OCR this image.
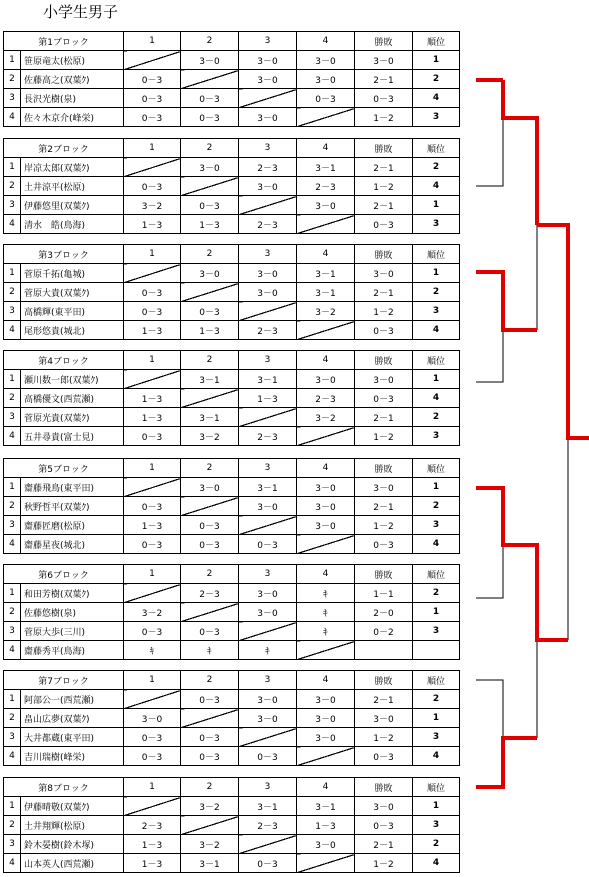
小学生男子
第1ブロック		1	2	3	4	勝敗	順位
1	笹原竜太(松原)		3－0	3－0	3－0	3－0	1
2	佐藤高之(双葉ｸ)	0－3		3－0	3－0	2－1	2
3	長沢光樹(泉)	0－3	0－3		0－3	0－3	4
4	佐々木京介(峰栄)	0－3	0－3	3－0		1－2	3
第2ブロック		1	2	3	4	勝敗	順位
1	岸凉太郎(双葉ｸ)		3－0	2－3	3－1	2－1	2
2	土井涼平(松原)	0－3		3－0	2－3	1－2	4
3	伊藤悠里(双葉ｸ)	3－2	0－3		3－0	2－1	1
4	清水　皓(鳥海)	1－3	1－3	2－3		0－3	3
第3ブロック		1	2	3	4	勝敗	順位
1	菅原千拓(亀城)		3－0	3－0	3－1	3－0	1
2	菅原大貴(双葉ｸ)	0－3		3－0	3－1	2－1	2
3	高橋輝(東平田)	0－3	0－3		3－2	1－2	3
4	尾形悠貴(城北)	1－3	1－3	2－3		0－3	4
第4ブロック		1	2	3	4	勝敗	順位
1	瀬川数一郎(双葉ｸ)		3－1	3－1	3－0	3－0	1
2	高橋優文(西荒瀬)	1－3		1－3	2－3	0－3	4
3	菅原光貴(双葉ｸ)	1－3	3－1		3－2	2－1	2
4	五井尋貴(富士見)	0－3	3－2	2－3		1－2	3
第5ブロック		1	2	3	4	勝敗	順位
1	齋藤飛鳥(東平田)		3－0	3－1	3－0	3－0	1
2	秋野哲平(双葉ｸ)	0－3		3－0	3－0	2－1	2
3	齋藤匠磨(松原)	1－3	0－3		3－0	1－2	3
4	齋藤星夜(城北)	0－3	0－3	0－3		0－3	4
第6ブロック		1	2	3	4	勝敗	順位
1	和田芳樹(双葉ｸ)		2－3	3－0	ｷ	1－1	2
2	佐藤悠樹(泉)	3－2		3－0	ｷ	2－0	1
3	菅原大歩(三川)	0－3	0－3		ｷ	0－2	3
4	齋藤秀平(鳥海)	ｷ	ｷ	ｷ			
第7ブロック		1	2	3	4	勝敗	順位
1	阿部公一(西荒瀬)		0－3	3－0	3－0	2－1	2
2	畠山広夢(双葉ｸ)	3－0		3－0	3－0	3－0	1
3	大井都蔵(東平田)	0－3	0－3		3－0	1－2	3
4	吉川瑞樹(峰栄)	0－3	0－3	0－3		0－3	4
第8ブロック		1	2	3	4	勝敗	順位
1	伊藤晴敬(双葉ｸ)		3－2	3－1	3－1	3－0	1
2	土井翔輝(松原)	2－3		2－3	1－3	0－3	3
3	鈴木晏樹(鈴木塚)	1－3	3－2		3－0	2－1	2
4	山本英人(西荒瀬)	1－3	3－1	0－3		1－2	4
